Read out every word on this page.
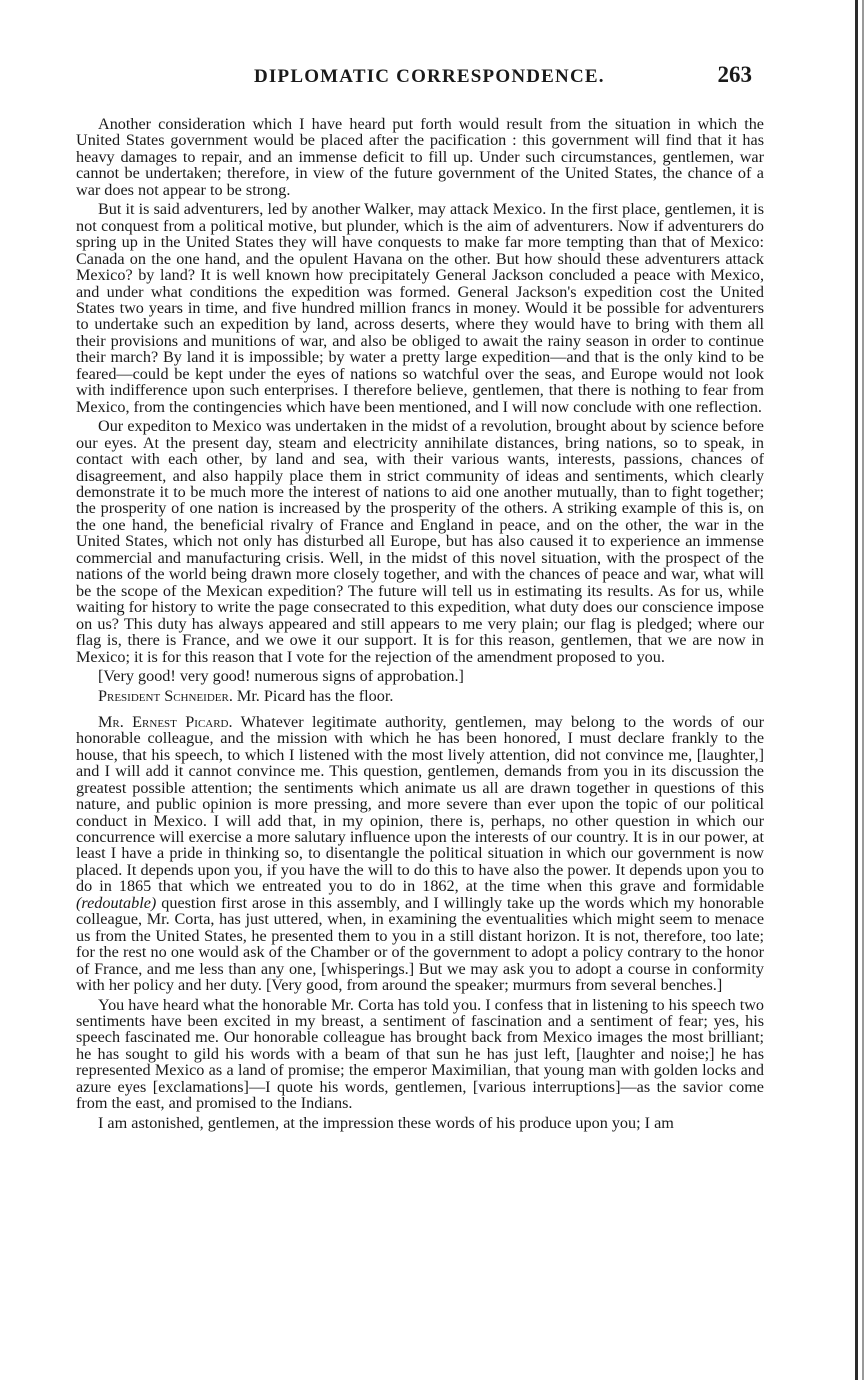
DIPLOMATIC CORRESPONDENCE.	263

Another consideration which I have heard put forth would result from the situation in which the United States government would be placed after the pacification : this government will find that it has heavy damages to repair, and an immense deficit to fill up. Under such circumstances, gentlemen, war cannot be undertaken; therefore, in view of the future government of the United States, the chance of a war does not appear to be strong.

But it is said adventurers, led by another Walker, may attack Mexico. In the first place, gentlemen, it is not conquest from a political motive, but plunder, which is the aim of adventurers. Now if adventurers do spring up in the United States they will have conquests to make far more tempting than that of Mexico: Canada on the one hand, and the opulent Havana on the other. But how should these adventurers attack Mexico? by land? It is well known how precipitately General Jackson concluded a peace with Mexico, and under what conditions the expedition was formed. General Jackson's expedition cost the United States two years in time, and five hundred million francs in money. Would it be possible for adventurers to undertake such an expedition by land, across deserts, where they would have to bring with them all their provisions and munitions of war, and also be obliged to await the rainy season in order to continue their march? By land it is impossible; by water a pretty large expedition—and that is the only kind to be feared—could be kept under the eyes of nations so watchful over the seas, and Europe would not look with indifference upon such enterprises. I therefore believe, gentlemen, that there is nothing to fear from Mexico, from the contingencies which have been mentioned, and I will now conclude with one reflection.

Our expediton to Mexico was undertaken in the midst of a revolution, brought about by science before our eyes. At the present day, steam and electricity annihilate distances, bring nations, so to speak, in contact with each other, by land and sea, with their various wants, interests, passions, chances of disagreement, and also happily place them in strict community of ideas and sentiments, which clearly demonstrate it to be much more the interest of nations to aid one another mutually, than to fight together; the prosperity of one nation is increased by the prosperity of the others. A striking example of this is, on the one hand, the beneficial rivalry of France and England in peace, and on the other, the war in the United States, which not only has disturbed all Europe, but has also caused it to experience an immense commercial and manufacturing crisis. Well, in the midst of this novel situation, with the prospect of the nations of the world being drawn more closely together, and with the chances of peace and war, what will be the scope of the Mexican expedition? The future will tell us in estimating its results. As for us, while waiting for history to write the page consecrated to this expedition, what duty does our conscience impose on us? This duty has always appeared and still appears to me very plain; our flag is pledged; where our flag is, there is France, and we owe it our support. It is for this reason, gentlemen, that we are now in Mexico; it is for this reason that I vote for the rejection of the amendment proposed to you.

[Very good! very good! numerous signs of approbation.]

President Schneider. Mr. Picard has the floor.

Mr. Ernest Picard. Whatever legitimate authority, gentlemen, may belong to the words of our honorable colleague, and the mission with which he has been honored, I must declare frankly to the house, that his speech, to which I listened with the most lively attention, did not convince me, [laughter,] and I will add it cannot convince me. This question, gentlemen, demands from you in its discussion the greatest possible attention; the sentiments which animate us all are drawn together in questions of this nature, and public opinion is more pressing, and more severe than ever upon the topic of our political conduct in Mexico. I will add that, in my opinion, there is, perhaps, no other question in which our concurrence will exercise a more salutary influence upon the interests of our country. It is in our power, at least I have a pride in thinking so, to disentangle the political situation in which our government is now placed. It depends upon you, if you have the will to do this to have also the power. It depends upon you to do in 1865 that which we entreated you to do in 1862, at the time when this grave and formidable (redoutable) question first arose in this assembly, and I willingly take up the words which my honorable colleague, Mr. Corta, has just uttered, when, in examining the eventualities which might seem to menace us from the United States, he presented them to you in a still distant horizon. It is not, therefore, too late; for the rest no one would ask of the Chamber or of the government to adopt a policy contrary to the honor of France, and me less than any one, [whisperings.] But we may ask you to adopt a course in conformity with her policy and her duty. [Very good, from around the speaker; murmurs from several benches.]

You have heard what the honorable Mr. Corta has told you. I confess that in listening to his speech two sentiments have been excited in my breast, a sentiment of fascination and a sentiment of fear; yes, his speech fascinated me. Our honorable colleague has brought back from Mexico images the most brilliant; he has sought to gild his words with a beam of that sun he has just left, [laughter and noise;] he has represented Mexico as a land of promise; the emperor Maximilian, that young man with golden locks and azure eyes [exclamations]—I quote his words, gentlemen, [various interruptions]—as the savior come from the east, and promised to the Indians.

I am astonished, gentlemen, at the impression these words of his produce upon you; I am
